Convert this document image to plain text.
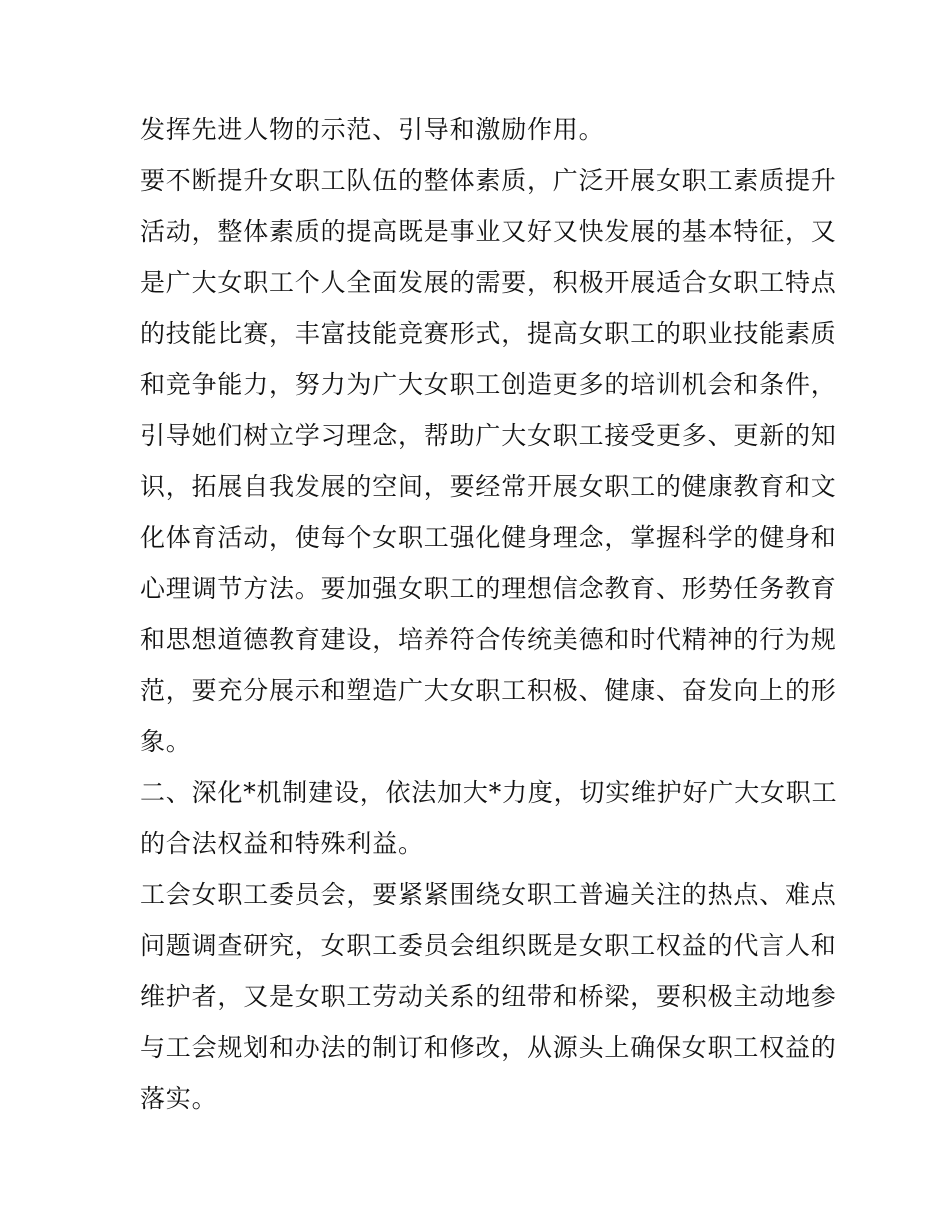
发挥先进人物的示范、引导和激励作用。
要不断提升女职工队伍的整体素质，广泛开展女职工素质提升
活动，整体素质的提高既是事业又好又快发展的基本特征，又
是广大女职工个人全面发展的需要，积极开展适合女职工特点
的技能比赛，丰富技能竞赛形式，提高女职工的职业技能素质
和竞争能力，努力为广大女职工创造更多的培训机会和条件，
引导她们树立学习理念，帮助广大女职工接受更多、更新的知
识，拓展自我发展的空间，要经常开展女职工的健康教育和文
化体育活动，使每个女职工强化健身理念，掌握科学的健身和
心理调节方法。要加强女职工的理想信念教育、形势任务教育
和思想道德教育建设，培养符合传统美德和时代精神的行为规
范，要充分展示和塑造广大女职工积极、健康、奋发向上的形
象。
二、深化*机制建设，依法加大*力度，切实维护好广大女职工
的合法权益和特殊利益。
工会女职工委员会，要紧紧围绕女职工普遍关注的热点、难点
问题调查研究，女职工委员会组织既是女职工权益的代言人和
维护者，又是女职工劳动关系的纽带和桥梁，要积极主动地参
与工会规划和办法的制订和修改，从源头上确保女职工权益的
落实。
